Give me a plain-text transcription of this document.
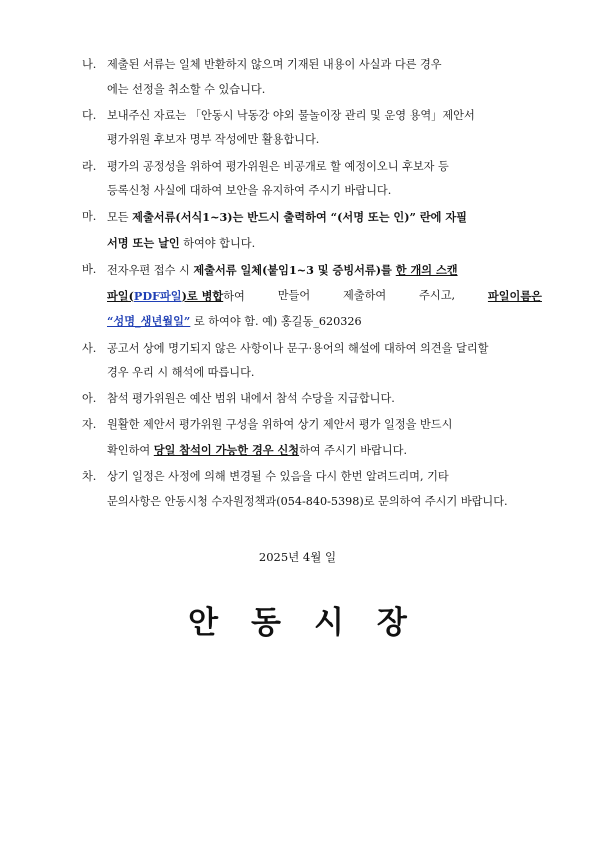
나. 제출된 서류는 일체 반환하지 않으며 기재된 내용이 사실과 다른 경우
에는 선정을 취소할 수 있습니다.
다. 보내주신 자료는 「안동시 낙동강 야외 물놀이장 관리 및 운영 용역」제안서
평가위원 후보자 명부 작성에만 활용합니다.
라. 평가의 공정성을 위하여 평가위원은 비공개로 할 예정이오니 후보자 등
등록신청 사실에 대하여 보안을 유지하여 주시기 바랍니다.
마. 모든 제출서류(서식1~3)는 반드시 출력하여 “(서명 또는 인)” 란에 자필
서명 또는 날인 하여야 합니다.
바. 전자우편 접수 시 제출서류 일체(붙임1~3 및 증빙서류)를 한 개의 스캔
파일(PDF파일)로 병합하여	만들어	제출하여	주시고,	파일이름은
“성명_생년월일” 로 하여야 함. 예) 홍길동_620326
사. 공고서 상에 명기되지 않은 사항이나 문구·용어의 해설에 대하여 의견을 달리할
경우 우리 시 해석에 따릅니다.
아. 참석 평가위원은 예산 범위 내에서 참석 수당을 지급합니다.
자. 원활한 제안서 평가위원 구성을 위하여 상기 제안서 평가 일정을 반드시
확인하여 당일 참석이 가능한 경우 신청하여 주시기 바랍니다.
차. 상기 일정은 사정에 의해 변경될 수 있음을 다시 한번 알려드리며, 기타
문의사항은 안동시청 수자원정책과(054-840-5398)로 문의하여 주시기 바랍니다.
2025년 4월 일
안동시장
